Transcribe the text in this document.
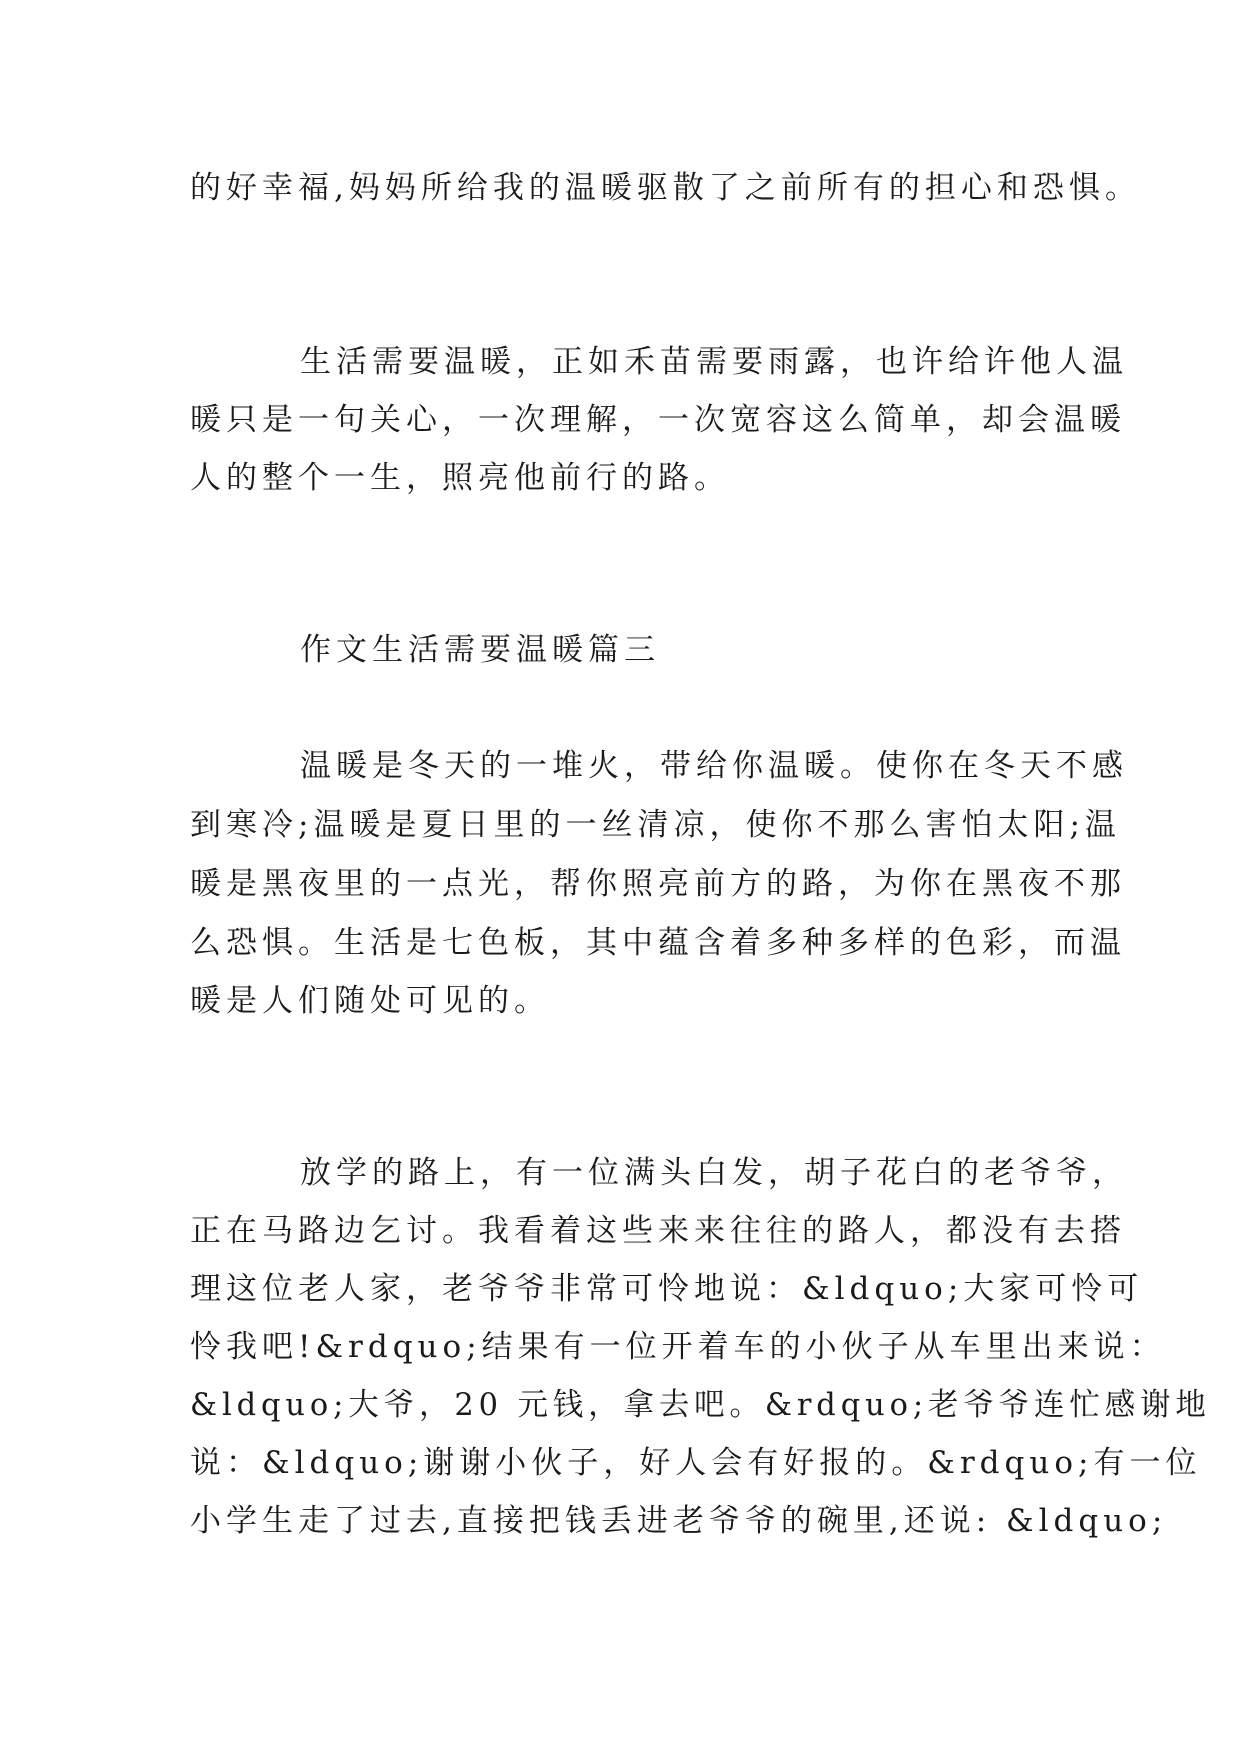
的好幸福,妈妈所给我的温暖驱散了之前所有的担心和恐惧。
生活需要温暖，正如禾苗需要雨露，也许给许他人温
暖只是一句关心，一次理解，一次宽容这么简单，却会温暖
人的整个一生，照亮他前行的路。
作文生活需要温暖篇三
温暖是冬天的一堆火，带给你温暖。使你在冬天不感
到寒冷;温暖是夏日里的一丝清凉，使你不那么害怕太阳;温
暖是黑夜里的一点光，帮你照亮前方的路，为你在黑夜不那
么恐惧。生活是七色板，其中蕴含着多种多样的色彩，而温
暖是人们随处可见的。
放学的路上，有一位满头白发，胡子花白的老爷爷，
正在马路边乞讨。我看着这些来来往往的路人，都没有去搭
理这位老人家，老爷爷非常可怜地说：&ldquo;大家可怜可
怜我吧!&rdquo;结果有一位开着车的小伙子从车里出来说：
&ldquo;大爷，20 元钱，拿去吧。&rdquo;老爷爷连忙感谢地
说：&ldquo;谢谢小伙子，好人会有好报的。&rdquo;有一位
小学生走了过去,直接把钱丢进老爷爷的碗里,还说: &ldquo;
